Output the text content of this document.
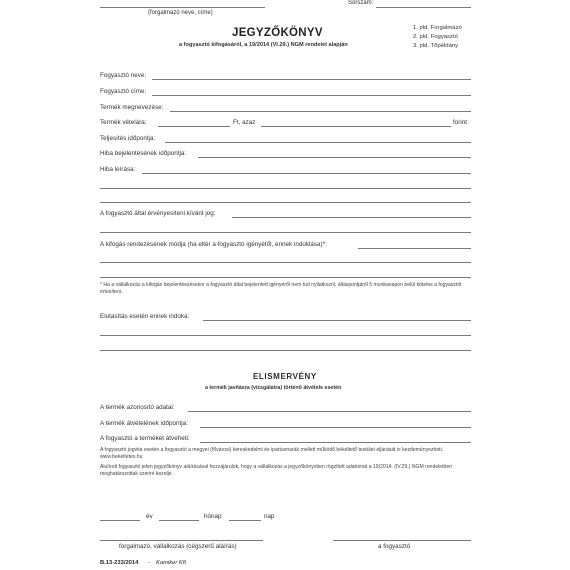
(forgalmazó neve, címe)
Sorszám:
JEGYZŐKÖNYV
a fogyasztó kifogásáról, a 19/2014 (VI.29.) NGM rendelet alapján
1. pld. Forgalmazó
2. pld. Fogyasztó
3. pld. Tőpéldány
Fogyasztó neve:
Fogyasztó címe:
Termék megnevezése:
Termék vételára:	Ft, azaz	forint
Teljesítés időpontja:
Hiba bejelentésének időpontja:
Hiba leírása:
A fogyasztó által érvényesíteni kívánt jog:
A kifogás rendezésének módja (ha eltér a fogyasztó igényétől, ennek indoklása)*:
* Ha a vállalkozás a kifogás bejelentkezésekor a fogyasztó által bejelentett igényéről nem tud nyilatkozni, álláspontjáról 5 munkanapon belül köteles a fogyasztót értesíteni.
Elutasítás esetén ennek indoka:
ELISMERVÉNY
a termék javításra (vizsgálatra) történő átvétele esetén
A termék azonosító adatai:
A termék átvételének időpontja:
A fogyasztó a terméket átveheti:
A fogyasztó jogvita esetén a fogyasztó a megyei (fővárosi) kereskedelmi és iparkamarák mellett működő békéltető testület eljárását is kezdeményezheti. www.bekeltetes.hu
Alulírott fogyasztó jelen jegyzőkönyv aláírásával hozzájárulok, hogy a vállalkozás a jegyzőkönyvben rögzített adatomat a 19/2014. (IV.29.) NGM rendeletben meghatározottak szerint kezelje.
év	hónap	nap
forgalmazó, vállalkozás (cégszerű aláírás)	a fogyasztó
B.13-233/2014 - Kamiker Kft
